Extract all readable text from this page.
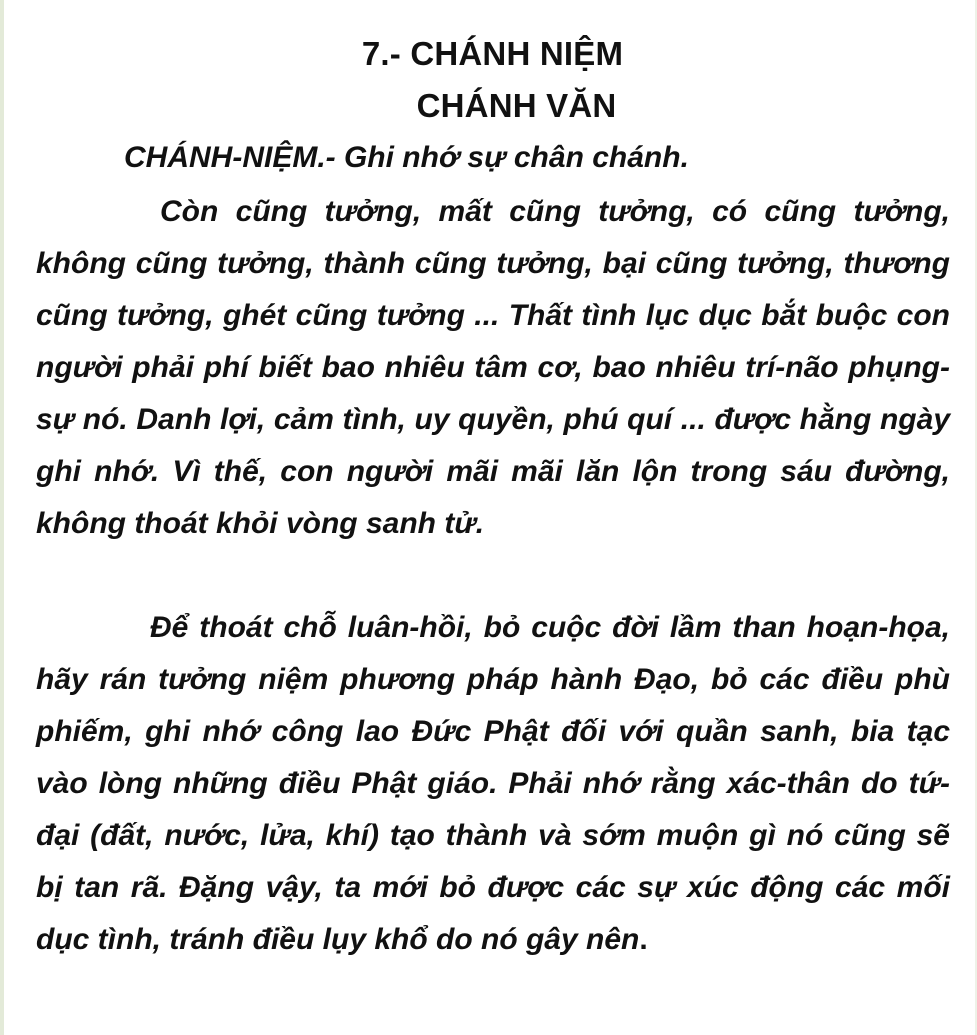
7.- CHÁNH NIỆM
CHÁNH VĂN
CHÁNH-NIỆM.- Ghi nhớ sự chân chánh.

Còn cũng tưởng, mất cũng tưởng, có cũng tưởng, không cũng tưởng, thành cũng tưởng, bại cũng tưởng, thương cũng tưởng, ghét cũng tưởng ... Thất tình lục dục bắt buộc con người phải phí biết bao nhiêu tâm cơ, bao nhiêu trí-não phụng-sự nó. Danh lợi, cảm tình, uy quyền, phú quí ... được hằng ngày ghi nhớ. Vì thế, con người mãi mãi lăn lộn trong sáu đường, không thoát khỏi vòng sanh tử.

Để thoát chỗ luân-hồi, bỏ cuộc đời lầm than hoạn-họa, hãy rán tưởng niệm phương pháp hành Đạo, bỏ các điều phù phiếm, ghi nhớ công lao Đức Phật đối với quần sanh, bia tạc vào lòng những điều Phật giáo. Phải nhớ rằng xác-thân do tứ-đại (đất, nước, lửa, khí) tạo thành và sớm muộn gì nó cũng sẽ bị tan rã. Đặng vậy, ta mới bỏ được các sự xúc động các mối dục tình, tránh điều lụy khổ do nó gây nên.
